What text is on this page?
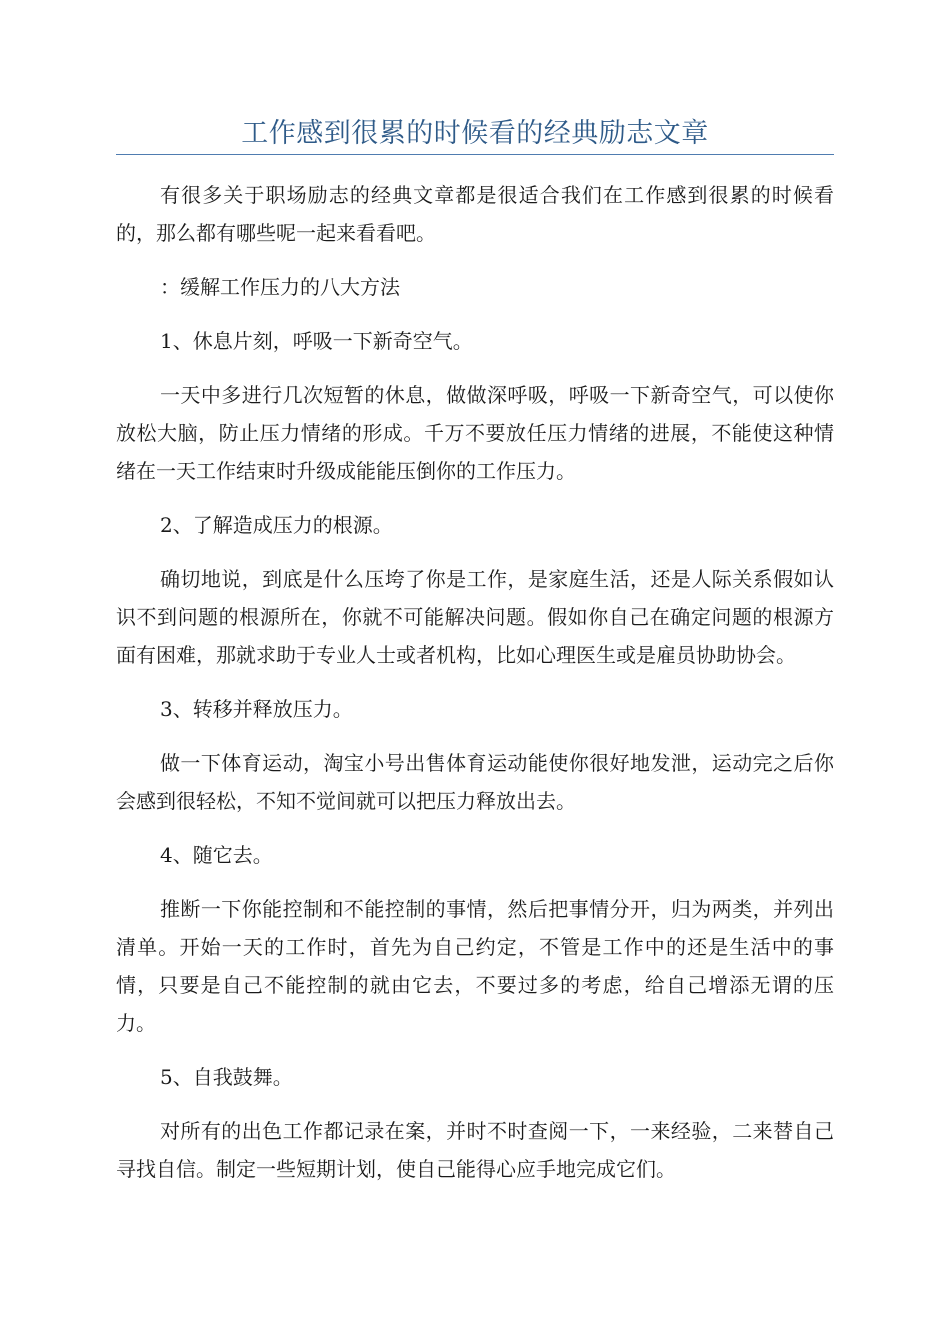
工作感到很累的时候看的经典励志文章

有很多关于职场励志的经典文章都是很适合我们在工作感到很累的时候看的，那么都有哪些呢一起来看看吧。

：缓解工作压力的八大方法

1、休息片刻，呼吸一下新奇空气。

一天中多进行几次短暂的休息，做做深呼吸，呼吸一下新奇空气，可以使你放松大脑，防止压力情绪的形成。千万不要放任压力情绪的进展，不能使这种情绪在一天工作结束时升级成能能压倒你的工作压力。

2、了解造成压力的根源。

确切地说，到底是什么压垮了你是工作，是家庭生活，还是人际关系假如认识不到问题的根源所在，你就不可能解决问题。假如你自己在确定问题的根源方面有困难，那就求助于专业人士或者机构，比如心理医生或是雇员协助协会。

3、转移并释放压力。

做一下体育运动，淘宝小号出售体育运动能使你很好地发泄，运动完之后你会感到很轻松，不知不觉间就可以把压力释放出去。

4、随它去。

推断一下你能控制和不能控制的事情，然后把事情分开，归为两类，并列出清单。开始一天的工作时，首先为自己约定，不管是工作中的还是生活中的事情，只要是自己不能控制的就由它去，不要过多的考虑，给自己增添无谓的压力。

5、自我鼓舞。

对所有的出色工作都记录在案，并时不时查阅一下，一来经验，二来替自己寻找自信。制定一些短期计划，使自己能得心应手地完成它们。
